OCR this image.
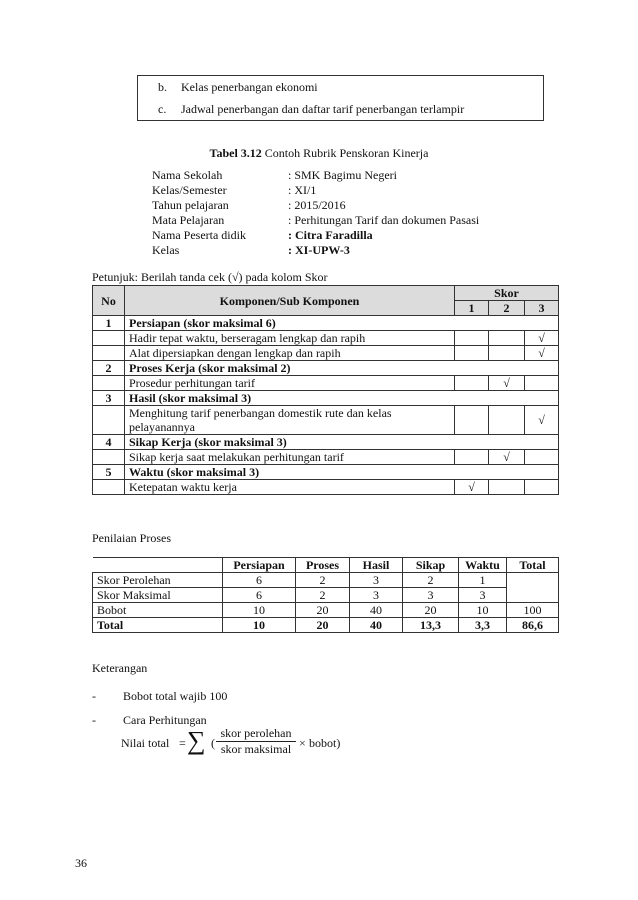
b. Kelas penerbangan ekonomi
c. Jadwal penerbangan dan daftar tarif penerbangan terlampir
Tabel 3.12 Contoh Rubrik Penskoran Kinerja
Nama Sekolah	: SMK Bagimu Negeri
Kelas/Semester	: XI/1
Tahun pelajaran	: 2015/2016
Mata Pelajaran	: Perhitungan Tarif dan dokumen Pasasi
Nama Peserta didik	: Citra Faradilla
Kelas	: XI-UPW-3
Petunjuk: Berilah tanda cek (√) pada kolom Skor
No	Komponen/Sub Komponen	Skor		
		1	2	3
1	Persiapan (skor maksimal 6)			
	Hadir tepat waktu, berseragam lengkap dan rapih			√
	Alat dipersiapkan dengan lengkap dan rapih			√
2	Proses Kerja (skor maksimal 2)			
	Prosedur perhitungan tarif		√	
3	Hasil (skor maksimal 3)			
	Menghitung tarif penerbangan domestik rute dan kelas pelayanannya			√
4	Sikap Kerja (skor maksimal 3)			
	Sikap kerja saat melakukan perhitungan tarif		√	
5	Waktu (skor maksimal 3)			
	Ketepatan waktu kerja	√		
Penilaian Proses
	Persiapan	Proses	Hasil	Sikap	Waktu	Total
Skor Perolehan	6	2	3	2	1	
Skor Maksimal	6	2	3	3	3	
Bobot	10	20	40	20	10	100
Total	10	20	40	13,3	3,3	86,6
Keterangan
- Bobot total wajib 100
- Cara Perhitungan
Nilai total = ∑ (
skor perolehan
skor maksimal × bobot)
36
